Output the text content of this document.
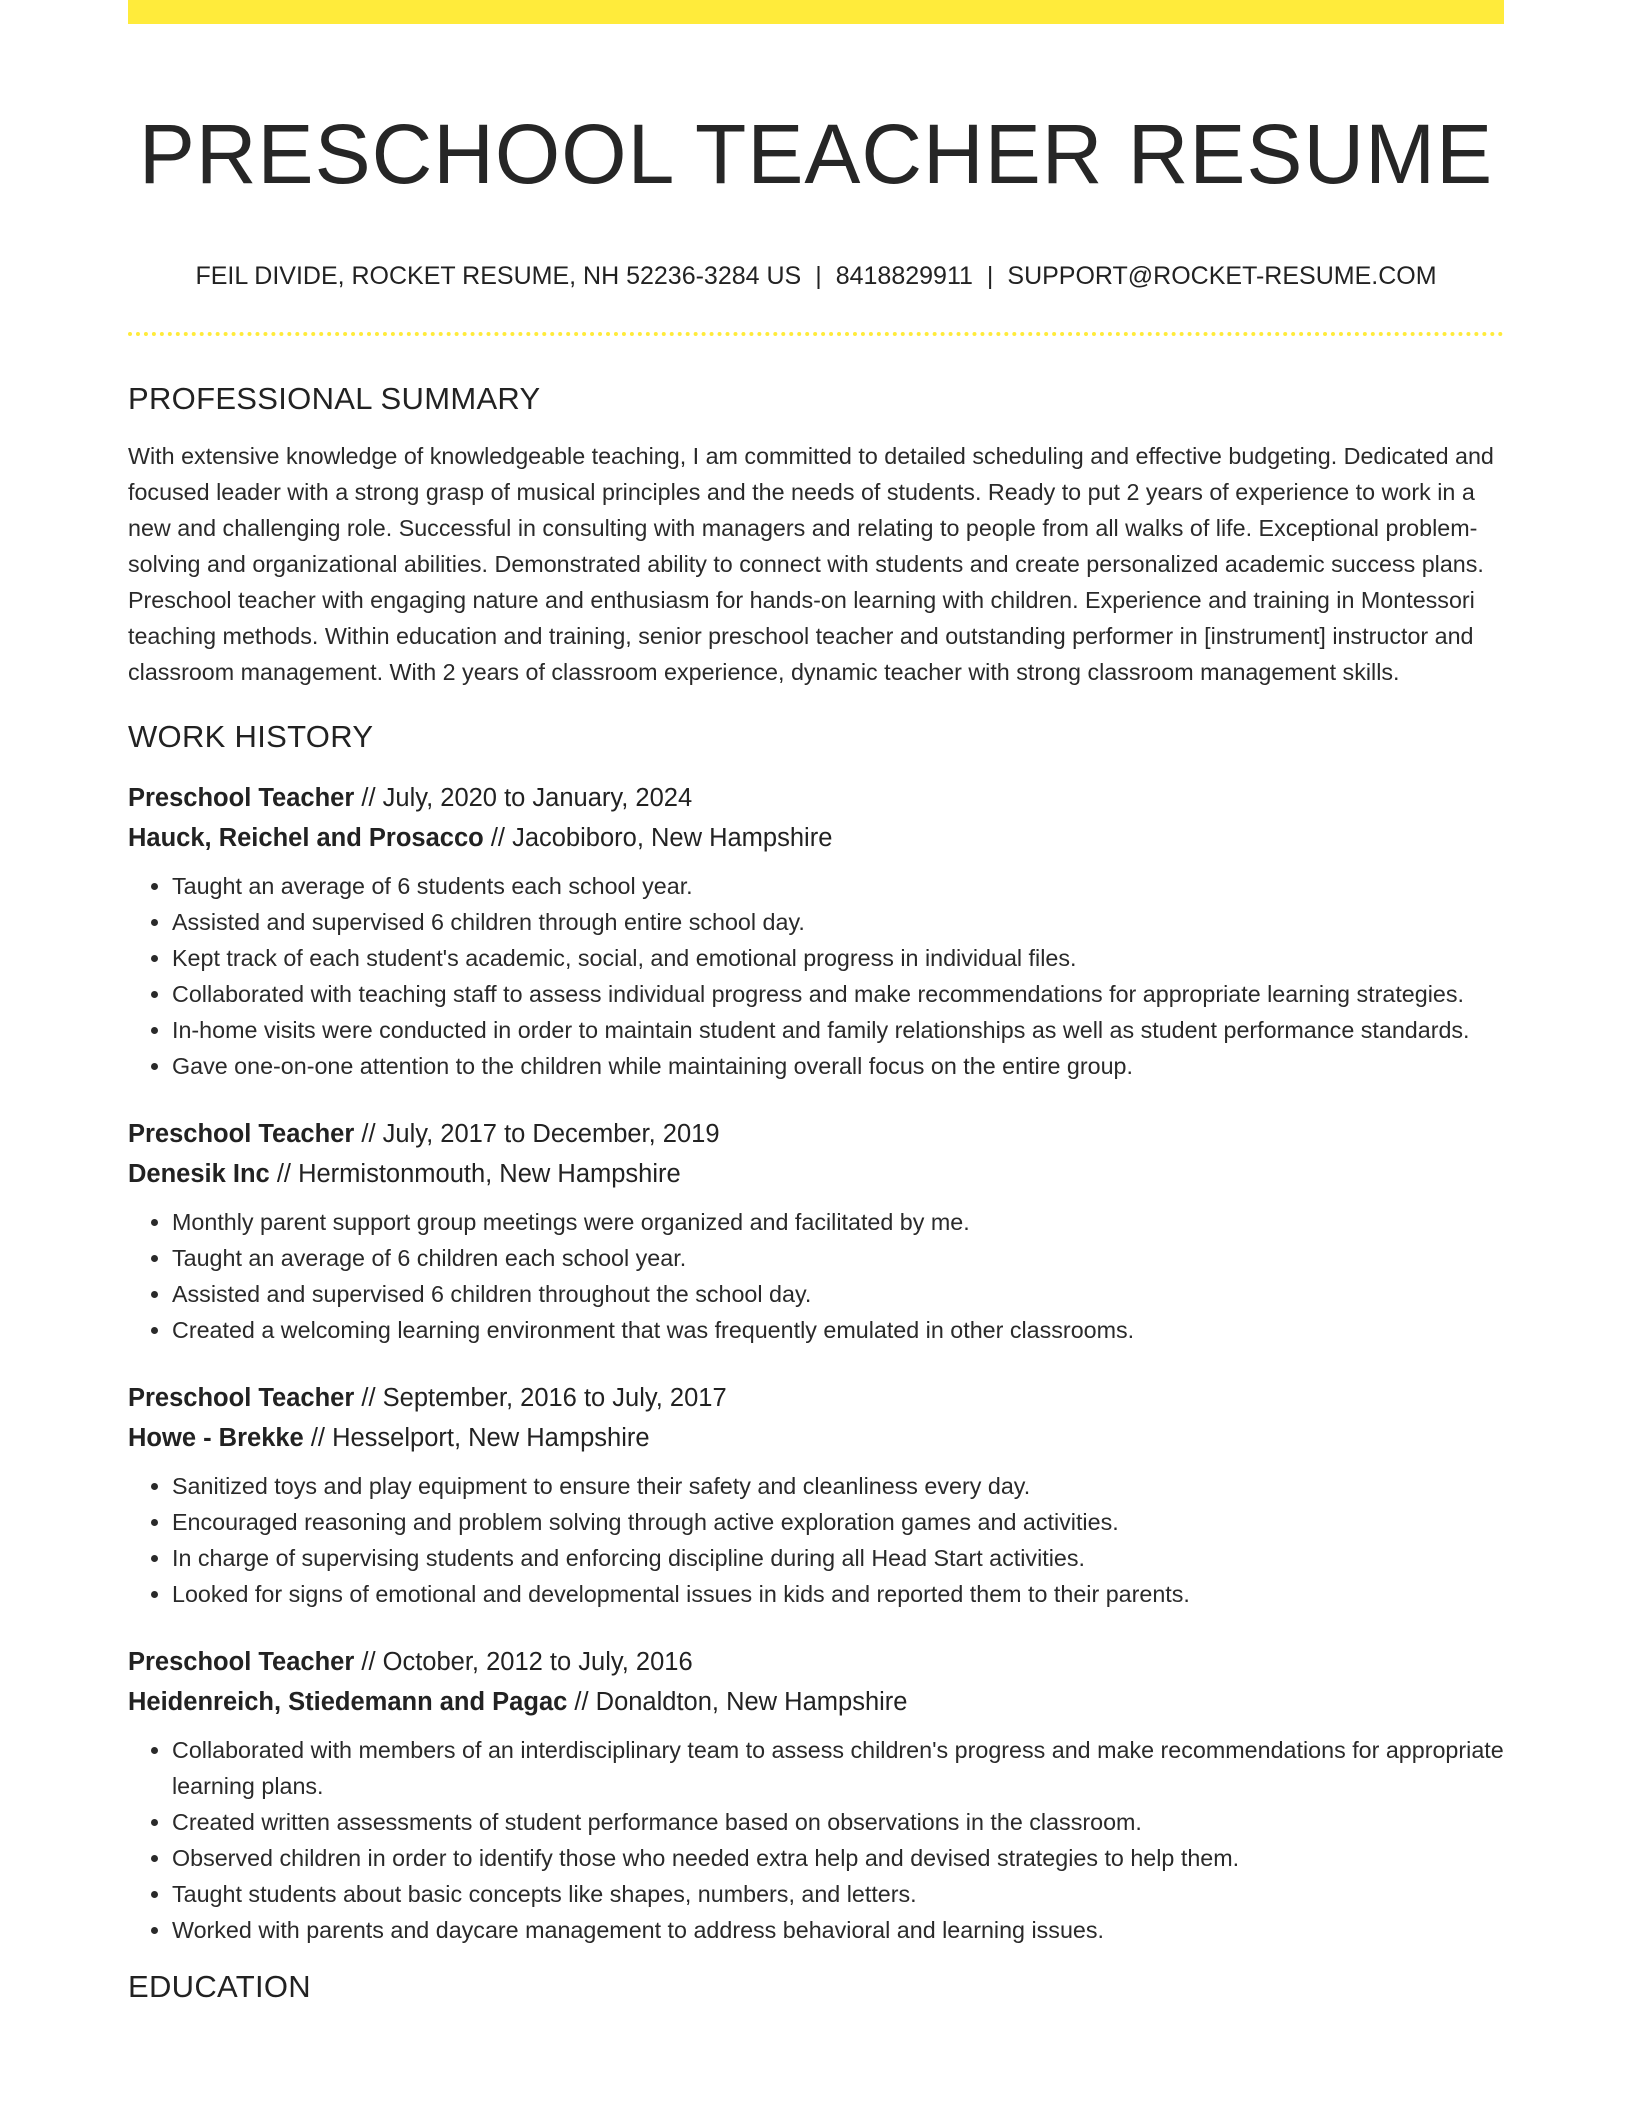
PRESCHOOL TEACHER RESUME
FEIL DIVIDE, ROCKET RESUME, NH 52236-3284 US | 8418829911 | SUPPORT@ROCKET-RESUME.COM
PROFESSIONAL SUMMARY
With extensive knowledge of knowledgeable teaching, I am committed to detailed scheduling and effective budgeting. Dedicated and focused leader with a strong grasp of musical principles and the needs of students. Ready to put 2 years of experience to work in a new and challenging role. Successful in consulting with managers and relating to people from all walks of life. Exceptional problem-solving and organizational abilities. Demonstrated ability to connect with students and create personalized academic success plans. Preschool teacher with engaging nature and enthusiasm for hands-on learning with children. Experience and training in Montessori teaching methods. Within education and training, senior preschool teacher and outstanding performer in [instrument] instructor and classroom management. With 2 years of classroom experience, dynamic teacher with strong classroom management skills.
WORK HISTORY
Preschool Teacher // July, 2020 to January, 2024
Hauck, Reichel and Prosacco // Jacobiboro, New Hampshire
• Taught an average of 6 students each school year.
• Assisted and supervised 6 children through entire school day.
• Kept track of each student's academic, social, and emotional progress in individual files.
• Collaborated with teaching staff to assess individual progress and make recommendations for appropriate learning strategies.
• In-home visits were conducted in order to maintain student and family relationships as well as student performance standards.
• Gave one-on-one attention to the children while maintaining overall focus on the entire group.
Preschool Teacher // July, 2017 to December, 2019
Denesik Inc // Hermistonmouth, New Hampshire
• Monthly parent support group meetings were organized and facilitated by me.
• Taught an average of 6 children each school year.
• Assisted and supervised 6 children throughout the school day.
• Created a welcoming learning environment that was frequently emulated in other classrooms.
Preschool Teacher // September, 2016 to July, 2017
Howe - Brekke // Hesselport, New Hampshire
• Sanitized toys and play equipment to ensure their safety and cleanliness every day.
• Encouraged reasoning and problem solving through active exploration games and activities.
• In charge of supervising students and enforcing discipline during all Head Start activities.
• Looked for signs of emotional and developmental issues in kids and reported them to their parents.
Preschool Teacher // October, 2012 to July, 2016
Heidenreich, Stiedemann and Pagac // Donaldton, New Hampshire
• Collaborated with members of an interdisciplinary team to assess children's progress and make recommendations for appropriate learning plans.
• Created written assessments of student performance based on observations in the classroom.
• Observed children in order to identify those who needed extra help and devised strategies to help them.
• Taught students about basic concepts like shapes, numbers, and letters.
• Worked with parents and daycare management to address behavioral and learning issues.
EDUCATION
